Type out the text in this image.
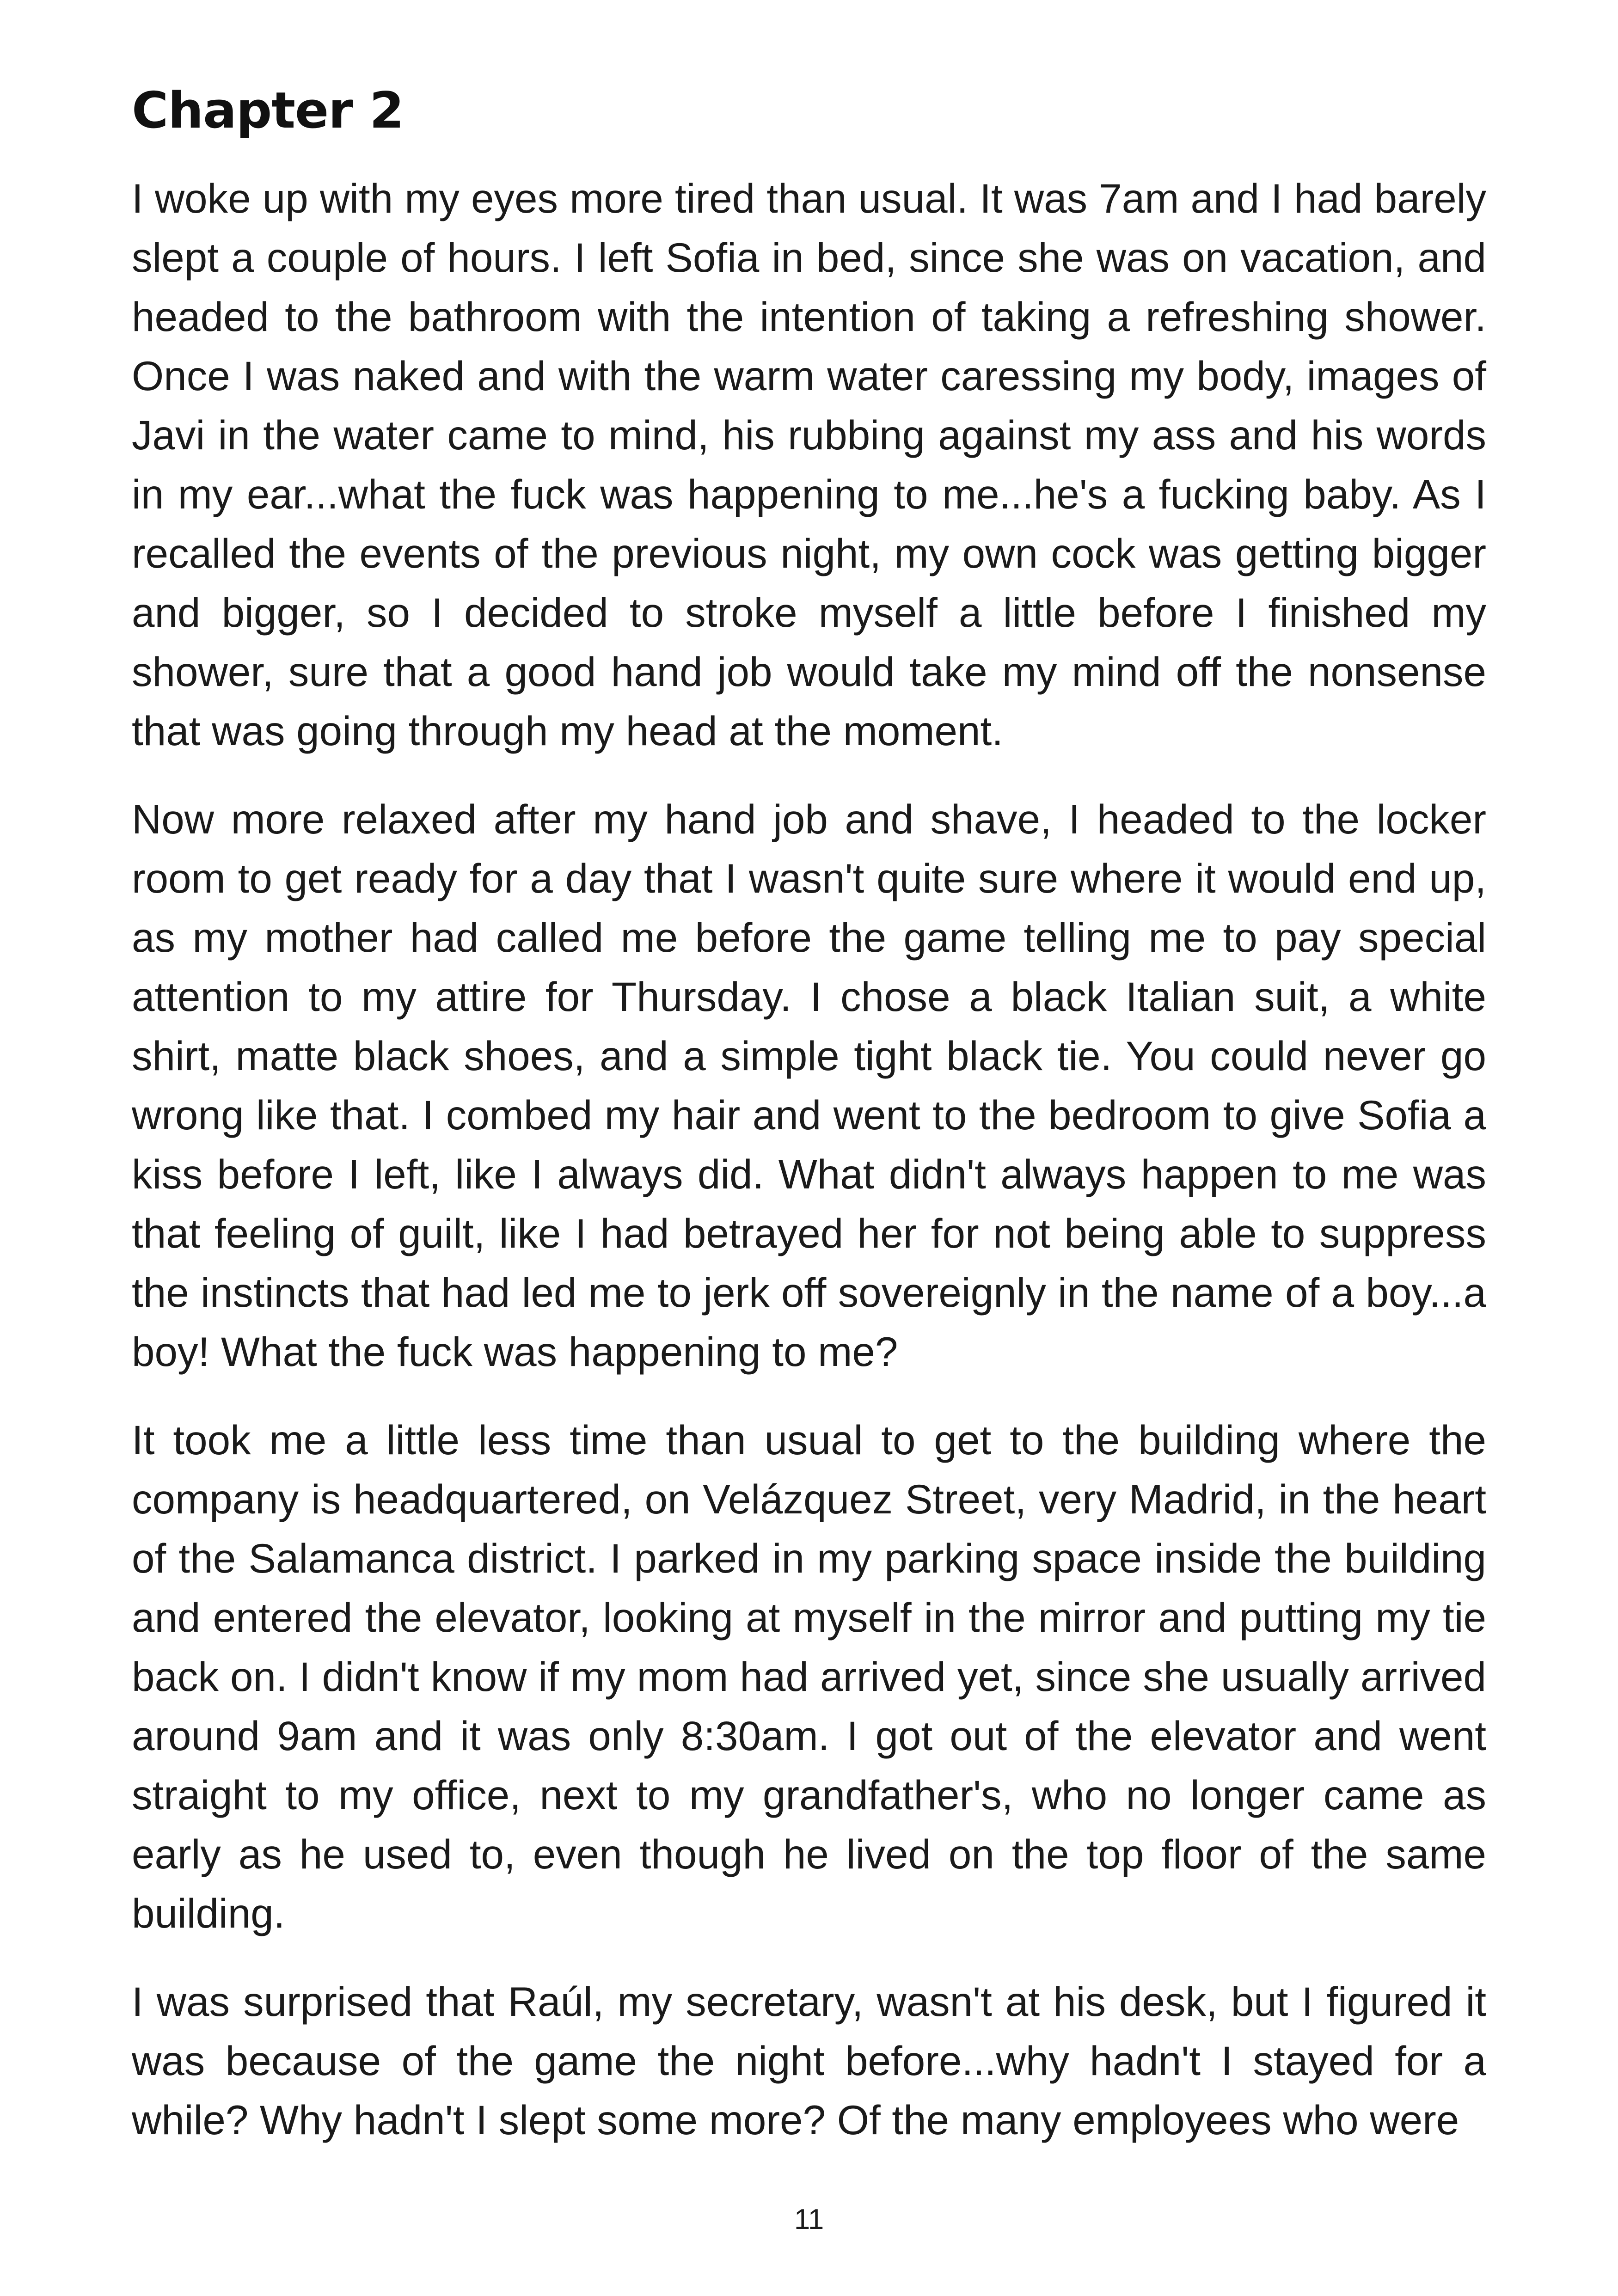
Chapter 2

I woke up with my eyes more tired than usual. It was 7am and I had barely slept a couple of hours. I left Sofia in bed, since she was on vacation, and headed to the bathroom with the intention of taking a refreshing shower. Once I was naked and with the warm water caressing my body, images of Javi in the water came to mind, his rubbing against my ass and his words in my ear...what the fuck was happening to me...he's a fucking baby. As I recalled the events of the previous night, my own cock was getting bigger and bigger, so I decided to stroke myself a little before I finished my shower, sure that a good hand job would take my mind off the nonsense that was going through my head at the moment.

Now more relaxed after my hand job and shave, I headed to the locker room to get ready for a day that I wasn't quite sure where it would end up, as my mother had called me before the game telling me to pay special attention to my attire for Thursday. I chose a black Italian suit, a white shirt, matte black shoes, and a simple tight black tie. You could never go wrong like that. I combed my hair and went to the bedroom to give Sofia a kiss before I left, like I always did. What didn't always happen to me was that feeling of guilt, like I had betrayed her for not being able to suppress the instincts that had led me to jerk off sovereignly in the name of a boy...a boy! What the fuck was happening to me?

It took me a little less time than usual to get to the building where the company is headquartered, on Velázquez Street, very Madrid, in the heart of the Salamanca district. I parked in my parking space inside the building and entered the elevator, looking at myself in the mirror and putting my tie back on. I didn't know if my mom had arrived yet, since she usually arrived around 9am and it was only 8:30am. I got out of the elevator and went straight to my office, next to my grandfather's, who no longer came as early as he used to, even though he lived on the top floor of the same building.

I was surprised that Raúl, my secretary, wasn't at his desk, but I figured it was because of the game the night before...why hadn't I stayed for a while? Why hadn't I slept some more? Of the many employees who were

11
